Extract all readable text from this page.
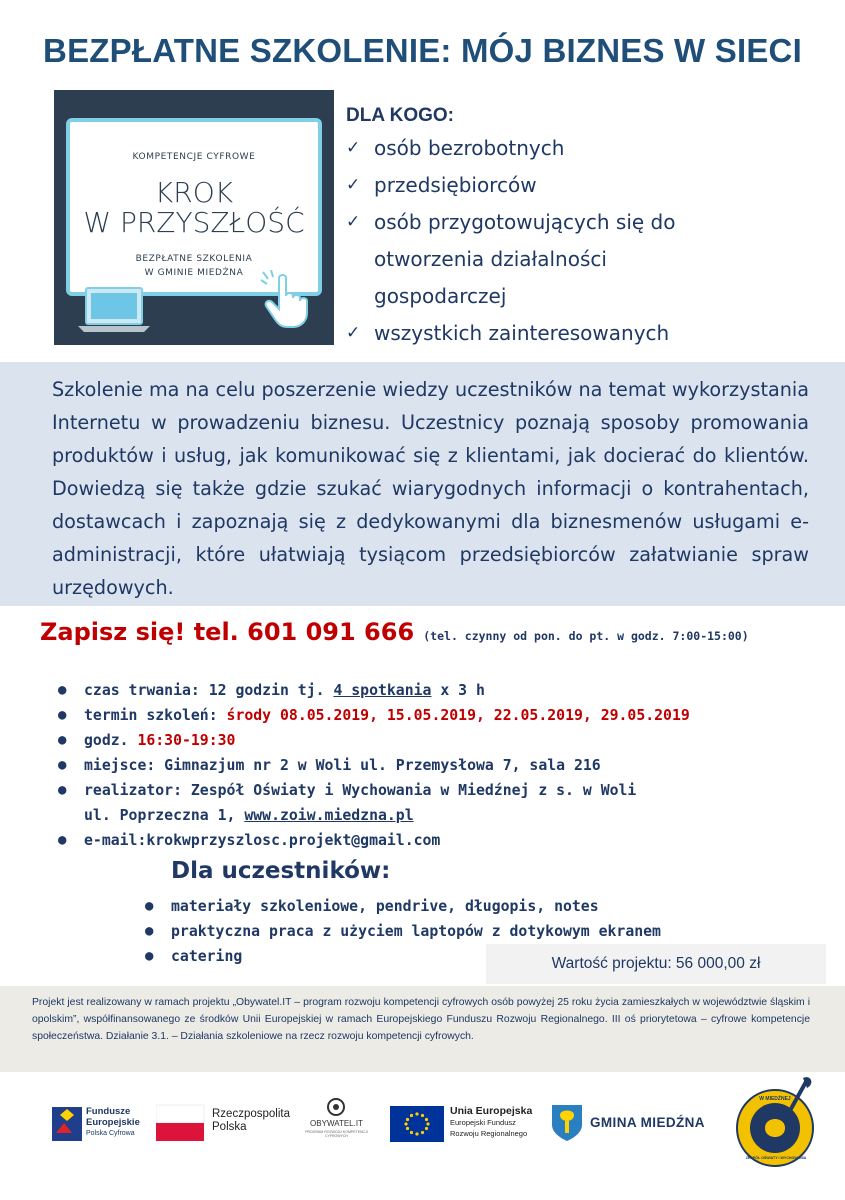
BEZPŁATNE SZKOLENIE: MÓJ BIZNES W SIECI
KOMPETENCJE CYFROWE
KROK
W PRZYSZŁOŚĆ
BEZPŁATNE SZKOLENIA
W GMINIE MIEDŹNA
DLA KOGO:
✓ osób bezrobotnych
✓ przedsiębiorców
✓ osób przygotowujących się do
otworzenia działalności
gospodarczej
✓ wszystkich zainteresowanych

Szkolenie ma na celu poszerzenie wiedzy uczestników na temat wykorzystania Internetu w prowadzeniu biznesu. Uczestnicy poznają sposoby promowania produktów i usług, jak komunikować się z klientami, jak docierać do klientów. Dowiedzą się także gdzie szukać wiarygodnych informacji o kontrahentach, dostawcach i zapoznają się z dedykowanymi dla biznesmenów usługami e-administracji, które ułatwiają tysiącom przedsiębiorców załatwianie spraw urzędowych.

Zapisz się! tel. 601 091 666 (tel. czynny od pon. do pt. w godz. 7:00-15:00)
● czas trwania: 12 godzin tj. 4 spotkania x 3 h
● termin szkoleń: środy 08.05.2019, 15.05.2019, 22.05.2019, 29.05.2019
● godz. 16:30-19:30
● miejsce: Gimnazjum nr 2 w Woli ul. Przemysłowa 7, sala 216
● realizator: Zespół Oświaty i Wychowania w Miedźnej z s. w Woli
ul. Poprzeczna 1, www.zoiw.miedzna.pl
● e-mail:krokwprzyszlosc.projekt@gmail.com
Dla uczestników:
● materiały szkoleniowe, pendrive, długopis, notes
● praktyczna praca z użyciem laptopów z dotykowym ekranem
● catering	Wartość projektu: 56 000,00 zł

Projekt jest realizowany w ramach projektu „Obywatel.IT – program rozwoju kompetencji cyfrowych osób powyżej 25 roku życia zamieszkałych w województwie śląskim i opolskim”, współfinansowanego ze środków Unii Europejskiej w ramach Europejskiego Funduszu Rozwoju Regionalnego. III oś priorytetowa – cyfrowe kompetencje społeczeństwa. Działanie 3.1. – Działania szkoleniowe na rzecz rozwoju kompetencji cyfrowych.

Fundusze
Europejskie
Polska Cyfrowa
Rzeczpospolita
Polska	OBYWATEL.IT
PROGRAM ROZWOJU KOMPETENCJI CYFROWYCH
Unia Europejska
Europejski Fundusz
Rozwoju Regionalnego
GMINA MIEDŹNA
W MIEDŹNEJ
ZESPÓŁ OŚWIATY I WYCHOWANIA
